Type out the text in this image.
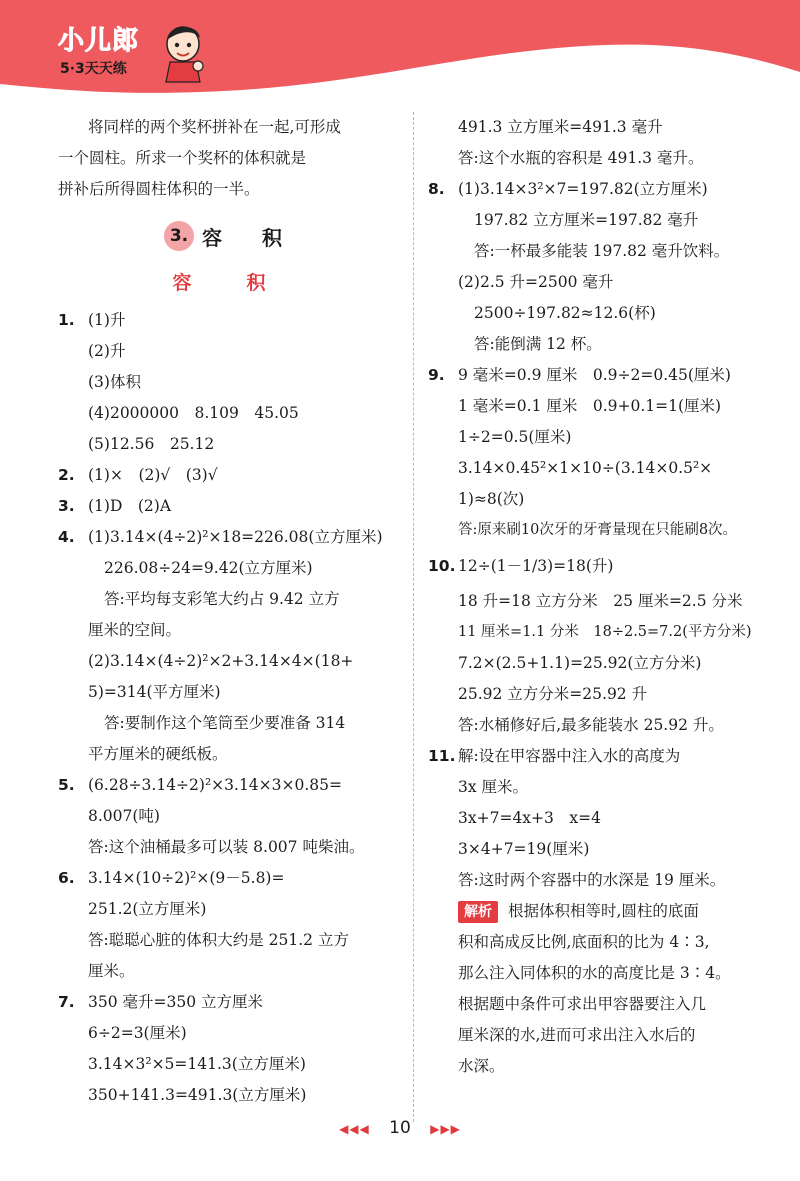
小儿郎
5·3天天练
将同样的两个奖杯拼补在一起,可形成
一个圆柱。所求一个奖杯的体积就是
拼补后所得圆柱体积的一半。
3. 容　积
容　积
1. (1)升
(2)升
(3)体积
(4)2000000　8.109　45.05
(5)12.56　25.12
2. (1)×　(2)√　(3)√
3. (1)D　(2)A
4. (1)3.14×(4÷2)²×18=226.08(立方厘米)
226.08÷24=9.42(立方厘米)
答:平均每支彩笔大约占 9.42 立方
厘米的空间。
(2)3.14×(4÷2)²×2+3.14×4×(18+
5)=314(平方厘米)
答:要制作这个笔筒至少要准备 314
平方厘米的硬纸板。
5. (6.28÷3.14÷2)²×3.14×3×0.85=
8.007(吨)
答:这个油桶最多可以装 8.007 吨柴油。
6. 3.14×(10÷2)²×(9－5.8)=
251.2(立方厘米)
答:聪聪心脏的体积大约是 251.2 立方
厘米。
7. 350 毫升=350 立方厘米
6÷2=3(厘米)
3.14×3²×5=141.3(立方厘米)
350+141.3=491.3(立方厘米)
491.3 立方厘米=491.3 毫升
答:这个水瓶的容积是 491.3 毫升。
8. (1)3.14×3²×7=197.82(立方厘米)
197.82 立方厘米=197.82 毫升
答:一杯最多能装 197.82 毫升饮料。
(2)2.5 升=2500 毫升
2500÷197.82≈12.6(杯)
答:能倒满 12 杯。
9. 9 毫米=0.9 厘米　0.9÷2=0.45(厘米)
1 毫米=0.1 厘米　0.9+0.1=1(厘米)
1÷2=0.5(厘米)
3.14×0.45²×1×10÷(3.14×0.5²×
1)≈8(次)
答:原来刷10次牙的牙膏量现在只能刷8次。
10. 12÷(1－1/3)=18(升)
18 升=18 立方分米　25 厘米=2.5 分米
11 厘米=1.1 分米　18÷2.5=7.2(平方分米)
7.2×(2.5+1.1)=25.92(立方分米)
25.92 立方分米=25.92 升
答:水桶修好后,最多能装水 25.92 升。
11. 解:设在甲容器中注入水的高度为
3x 厘米。
3x+7=4x+3　x=4
3×4+7=19(厘米)
答:这时两个容器中的水深是 19 厘米。
解析 根据体积相等时,圆柱的底面
积和高成反比例,底面积的比为 4∶3,
那么注入同体积的水的高度比是 3∶4。
根据题中条件可求出甲容器要注入几
厘米深的水,进而可求出注入水后的
水深。
◀◀◀ 10 ▶▶▶
